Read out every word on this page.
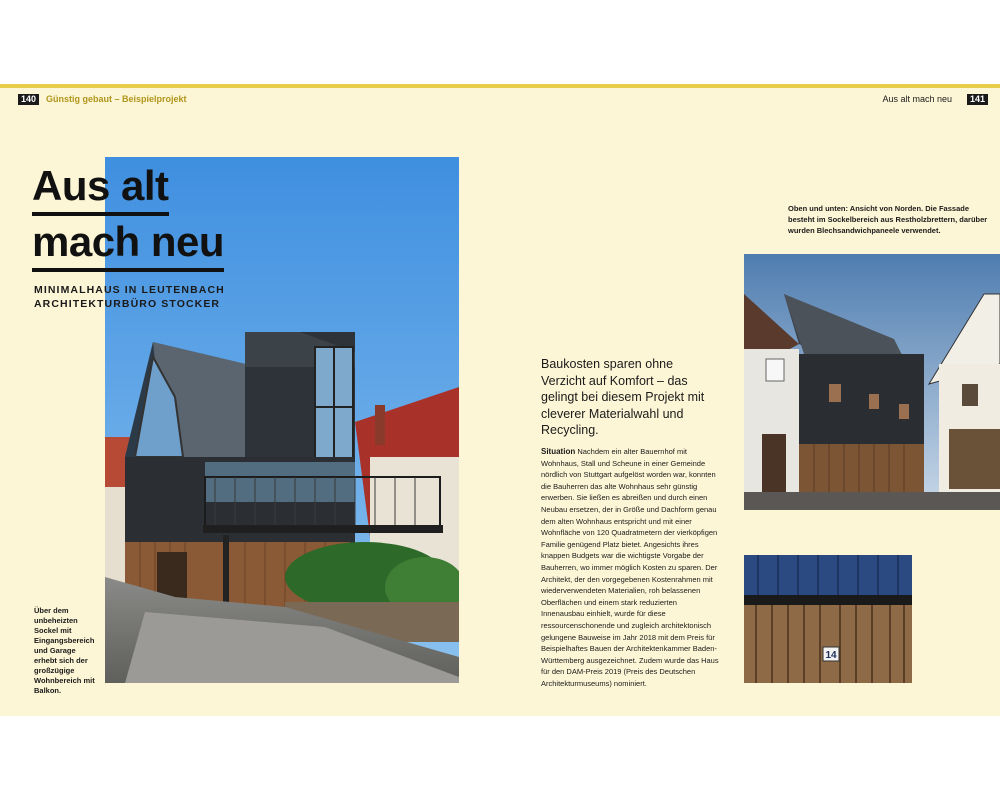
140	Günstig gebaut – Beispielprojekt	Aus alt mach neu	141
Aus alt
mach neu
MINIMALHAUS IN LEUTENBACH
ARCHITEKTURBÜRO STOCKER
Über dem unbeheizten Sockel mit Eingangsbereich und Garage erhebt sich der großzügige Wohnbereich mit Balkon.
Oben und unten: Ansicht von Norden. Die Fassade besteht im Sockelbereich aus Restholzbrettern, darüber wurden Blechsandwichpaneele verwendet.
Baukosten sparen ohne Verzicht auf Komfort – das gelingt bei diesem Projekt mit cleverer Materialwahl und Recycling.
Situation Nachdem ein alter Bauernhof mit Wohnhaus, Stall und Scheune in einer Gemeinde nördlich von Stuttgart aufgelöst worden war, konnten die Bauherren das alte Wohnhaus sehr günstig erwerben. Sie ließen es abreißen und durch einen Neubau ersetzen, der in Größe und Dachform genau dem alten Wohnhaus entspricht und mit einer Wohnfläche von 120 Quadratmetern der vierköpfigen Familie genügend Platz bietet. Angesichts ihres knappen Budgets war die wichtigste Vorgabe der Bauherren, wo immer möglich Kosten zu sparen. Der Architekt, der den vorgegebenen Kostenrahmen mit wiederverwendeten Materialien, roh belassenen Oberflächen und einem stark reduzierten Innenausbau einhielt, wurde für diese ressourcenschonende und zugleich architektonisch gelungene Bauweise im Jahr 2018 mit dem Preis für Beispielhaftes Bauen der Architektenkammer Baden-Württemberg ausgezeichnet. Zudem wurde das Haus für den DAM-Preis 2019 (Preis des Deutschen Architekturmuseums) nominiert.
14
